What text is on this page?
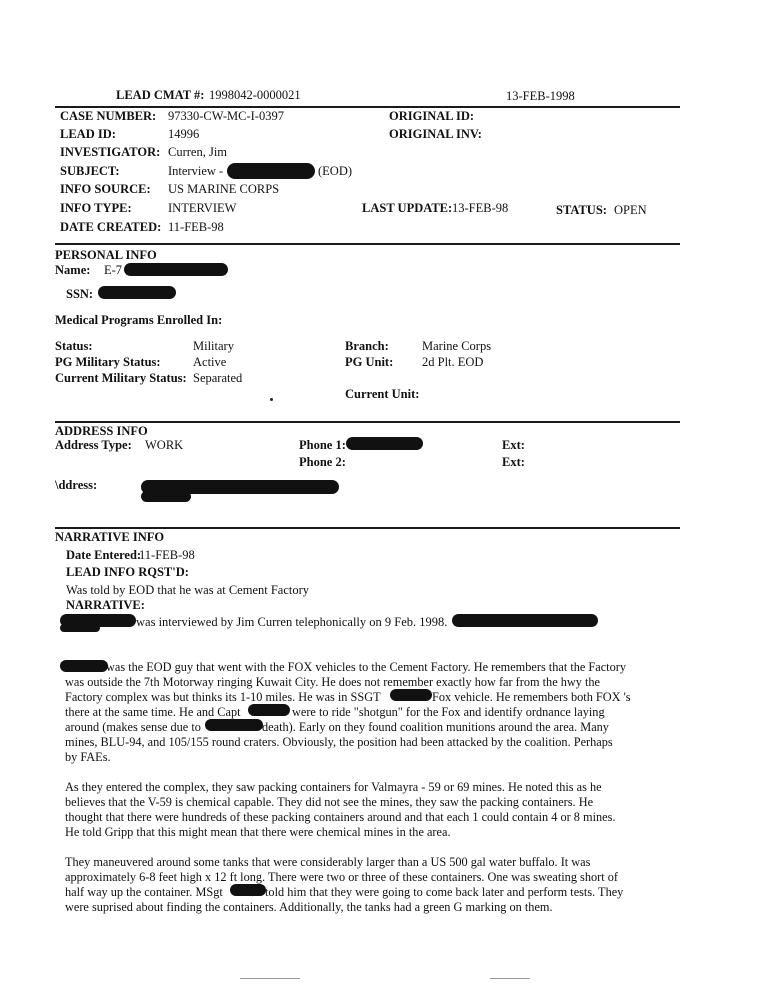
LEAD CMAT #: 1998042-0000021	13-FEB-1998
CASE NUMBER: 97330-CW-MC-I-0397	ORIGINAL ID:
LEAD ID:	14996	ORIGINAL INV:
INVESTIGATOR: Curren, Jim
SUBJECT:	Interview -	(EOD)
INFO SOURCE: US MARINE CORPS
INFO TYPE:	INTERVIEW	LAST UPDATE: 13-FEB-98	STATUS: OPEN
DATE CREATED: 11-FEB-98
PERSONAL INFO
Name: E-7
SSN:
Medical Programs Enrolled In:
Status:	Military	Branch:	Marine Corps
PG Military Status:	Active	PG Unit: 2d Plt. EOD
Current Military Status: Separated
Current Unit:
ADDRESS INFO
Address Type: WORK	Phone 1:	Ext:
Phone 2:	Ext:
\ddress:
NARRATIVE INFO
Date Entered:
11-FEB-98
LEAD INFO RQST'D:
Was told by EOD that he was at Cement Factory
NARRATIVE:
was interviewed by Jim Curren telephonically on 9 Feb. 1998.
was the EOD guy that went with the FOX vehicles to the Cement Factory. He remembers that the Factory
was outside the 7th Motorway ringing Kuwait City. He does not remember exactly how far from the hwy the
Factory complex was but thinks its 1-10 miles. He was in SSGT	Fox vehicle. He remembers both FOX 's
there at the same time. He and Capt	were to ride "shotgun" for the Fox and identify ordnance laying
around (makes sense due to	death). Early on they found coalition munitions around the area. Many
mines, BLU-94, and 105/155 round craters. Obviously, the position had been attacked by the coalition. Perhaps
by FAEs.
As they entered the complex, they saw packing containers for Valmayra - 59 or 69 mines. He noted this as he
believes that the V-59 is chemical capable. They did not see the mines, they saw the packing containers. He
thought that there were hundreds of these packing containers around and that each 1 could contain 4 or 8 mines.
He told Gripp that this might mean that there were chemical mines in the area.
They maneuvered around some tanks that were considerably larger than a US 500 gal water buffalo. It was
approximately 6-8 feet high x 12 ft long. There were two or three of these containers. One was sweating short of
half way up the container. MSgt	told him that they were going to come back later and perform tests. They
were suprised about finding the containers. Additionally, the tanks had a green G marking on them.
